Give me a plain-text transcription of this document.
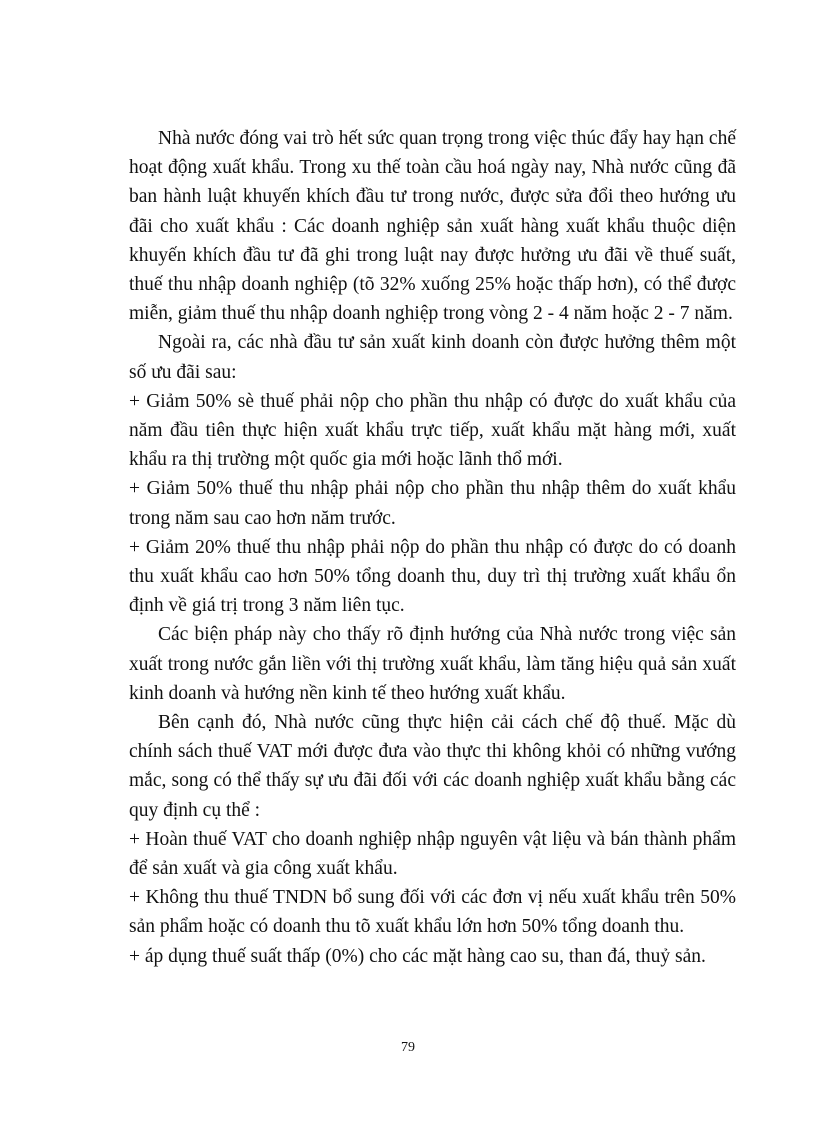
Nhà nước đóng vai trò hết sức quan trọng trong việc thúc đẩy hay hạn chế hoạt động xuất khẩu. Trong xu thế toàn cầu hoá ngày nay, Nhà nước cũng đã ban hành luật khuyến khích đầu tư trong nước, được sửa đổi theo hướng ưu đãi cho xuất khẩu : Các doanh nghiệp sản xuất hàng xuất khẩu thuộc diện khuyến khích đầu tư đã ghi trong luật nay được hưởng ưu đãi về thuế suất, thuế thu nhập doanh nghiệp (tõ 32% xuống 25% hoặc thấp hơn), có thể được miễn, giảm thuế thu nhập doanh nghiệp trong vòng 2 - 4 năm hoặc 2 - 7 năm.

Ngoài ra, các nhà đầu tư sản xuất kinh doanh còn được hưởng thêm một số ưu đãi sau:

+ Giảm 50% sè thuế phải nộp cho phần thu nhập có được do xuất khẩu của năm đầu tiên thực hiện xuất khẩu trực tiếp, xuất khẩu mặt hàng mới, xuất khẩu ra thị trường một quốc gia mới hoặc lãnh thổ mới.

+ Giảm 50% thuế thu nhập phải nộp cho phần thu nhập thêm do xuất khẩu trong năm sau cao hơn năm trước.

+ Giảm 20% thuế thu nhập phải nộp do phần thu nhập có được do có doanh thu xuất khẩu cao hơn 50% tổng doanh thu, duy trì thị trường xuất khẩu ổn định về giá trị trong 3 năm liên tục.

Các biện pháp này cho thấy rõ định hướng của Nhà nước trong việc sản xuất trong nước gắn liền với thị trường xuất khẩu, làm tăng hiệu quả sản xuất kinh doanh và hướng nền kinh tế theo hướng xuất khẩu.

Bên cạnh đó, Nhà nước cũng thực hiện cải cách chế độ thuế. Mặc dù chính sách thuế VAT mới được đưa vào thực thi không khỏi có những vướng mắc, song có thể thấy sự ưu đãi đối với các doanh nghiệp xuất khẩu bằng các quy định cụ thể :

+ Hoàn thuế VAT cho doanh nghiệp nhập nguyên vật liệu và bán thành phẩm để sản xuất và gia công xuất khẩu.

+ Không thu thuế TNDN bổ sung đối với các đơn vị nếu xuất khẩu trên 50% sản phẩm hoặc có doanh thu tõ xuất khẩu lớn hơn 50% tổng doanh thu.

+ áp dụng thuế suất thấp (0%) cho các mặt hàng cao su, than đá, thuỷ sản.

79
